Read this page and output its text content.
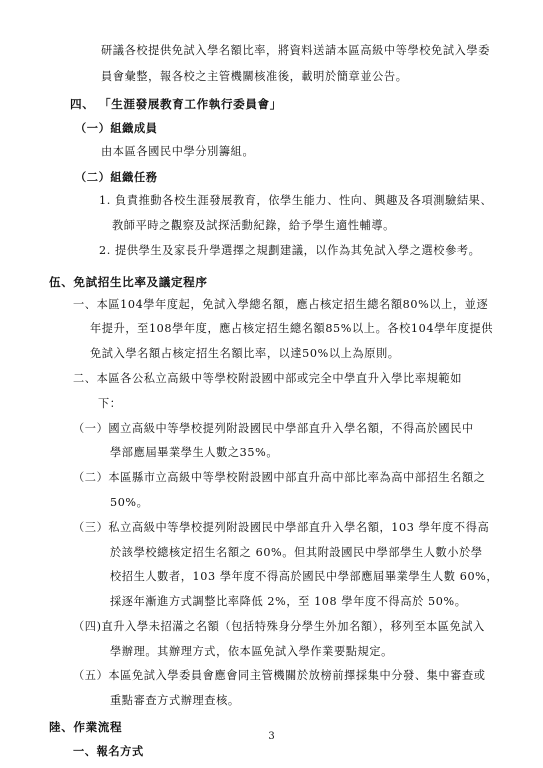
研議各校提供免試入學名額比率，將資料送請本區高級中等學校免試入學委
員會彙整，報各校之主管機關核准後，載明於簡章並公告。
四、 「生涯發展教育工作執行委員會」
（一）組織成員
由本區各國民中學分別籌組。
（二）組織任務
1. 負責推動各校生涯發展教育，依學生能力、性向、興趣及各項測驗結果、
教師平時之觀察及試探活動紀錄，給予學生適性輔導。
2. 提供學生及家長升學選擇之規劃建議，以作為其免試入學之選校參考。
伍、免試招生比率及議定程序
一、本區104學年度起，免試入學總名額，應占核定招生總名額80%以上，並逐
年提升，至108學年度，應占核定招生總名額85%以上。各校104學年度提供
免試入學名額占核定招生名額比率，以達50%以上為原則。
二、本區各公私立高級中等學校附設國中部或完全中學直升入學比率規範如
下：
（一）國立高級中等學校提列附設國民中學部直升入學名額，不得高於國民中
學部應屆畢業學生人數之35%。
（二）本區縣市立高級中等學校附設國中部直升高中部比率為高中部招生名額之
50%。
（三）私立高級中等學校提列附設國民中學部直升入學名額，103 學年度不得高
於該學校總核定招生名額之 60%。但其附設國民中學部學生人數小於學
校招生人數者，103 學年度不得高於國民中學部應屆畢業學生人數 60%，
採逐年漸進方式調整比率降低 2%，至 108 學年度不得高於 50%。
（四)直升入學未招滿之名額（包括特殊身分學生外加名額），移列至本區免試入
學辦理。其辦理方式，依本區免試入學作業要點規定。
（五）本區免試入學委員會應會同主管機關於放榜前擇採集中分發、集中審查或
重點審查方式辦理查核。
陸、作業流程
一、報名方式
3
